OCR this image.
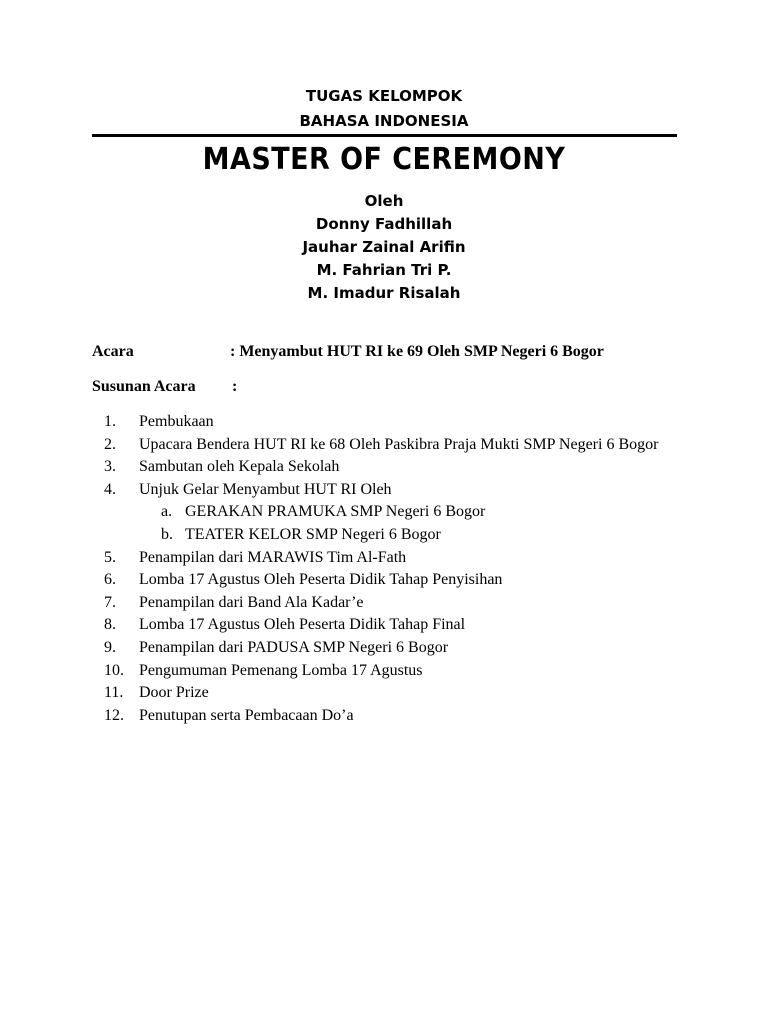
TUGAS KELOMPOK
BAHASA INDONESIA
MASTER OF CEREMONY
Oleh
Donny Fadhillah
Jauhar Zainal Arifin
M. Fahrian Tri P.
M. Imadur Risalah
Acara	: Menyambut HUT RI ke 69 Oleh SMP Negeri 6 Bogor
Susunan Acara :
1.	Pembukaan
2.	Upacara Bendera HUT RI ke 68 Oleh Paskibra Praja Mukti SMP Negeri 6 Bogor
3.	Sambutan oleh Kepala Sekolah
4.	Unjuk Gelar Menyambut HUT RI Oleh
a. GERAKAN PRAMUKA SMP Negeri 6 Bogor
b. TEATER KELOR SMP Negeri 6 Bogor
5.	Penampilan dari MARAWIS Tim Al-Fath
6.	Lomba 17 Agustus Oleh Peserta Didik Tahap Penyisihan
7.	Penampilan dari Band Ala Kadar’e
8.	Lomba 17 Agustus Oleh Peserta Didik Tahap Final
9.	Penampilan dari PADUSA SMP Negeri 6 Bogor
10. Pengumuman Pemenang Lomba 17 Agustus
11. Door Prize
12. Penutupan serta Pembacaan Do’a
